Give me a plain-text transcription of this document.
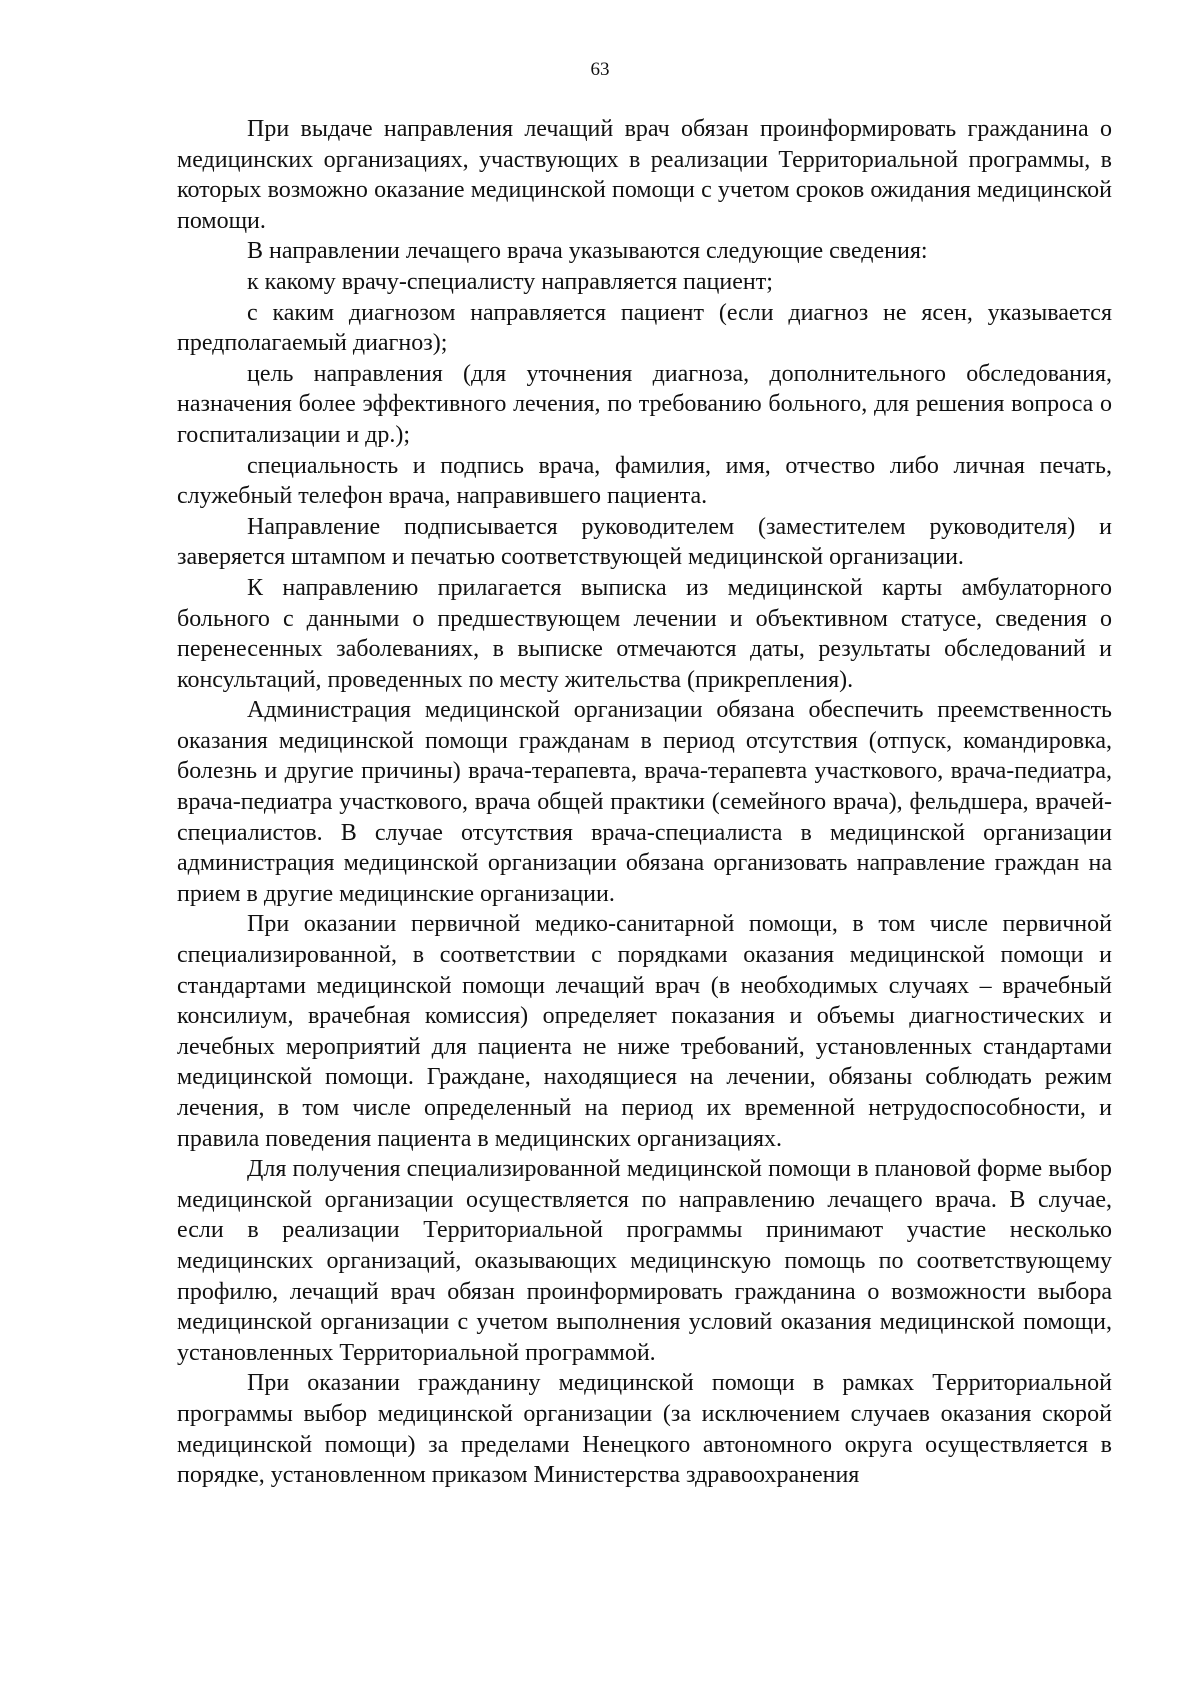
63

При выдаче направления лечащий врач обязан проинформировать гражданина о медицинских организациях, участвующих в реализации Территориальной программы, в которых возможно оказание медицинской помощи с учетом сроков ожидания медицинской помощи.

В направлении лечащего врача указываются следующие сведения:

к какому врачу-специалисту направляется пациент;

с каким диагнозом направляется пациент (если диагноз не ясен, указывается предполагаемый диагноз);

цель направления (для уточнения диагноза, дополнительного обследования, назначения более эффективного лечения, по требованию больного, для решения вопроса о госпитализации и др.);

специальность и подпись врача, фамилия, имя, отчество либо личная печать, служебный телефон врача, направившего пациента.

Направление подписывается руководителем (заместителем руководителя) и заверяется штампом и печатью соответствующей медицинской организации.

К направлению прилагается выписка из медицинской карты амбулаторного больного с данными о предшествующем лечении и объективном статусе, сведения о перенесенных заболеваниях, в выписке отмечаются даты, результаты обследований и консультаций, проведенных по месту жительства (прикрепления).

Администрация медицинской организации обязана обеспечить преемственность оказания медицинской помощи гражданам в период отсутствия (отпуск, командировка, болезнь и другие причины) врача-терапевта, врача-терапевта участкового, врача-педиатра, врача-педиатра участкового, врача общей практики (семейного врача), фельдшера, врачей-специалистов. В случае отсутствия врача-специалиста в медицинской организации администрация медицинской организации обязана организовать направление граждан на прием в другие медицинские организации.

При оказании первичной медико-санитарной помощи, в том числе первичной специализированной, в соответствии с порядками оказания медицинской помощи и стандартами медицинской помощи лечащий врач (в необходимых случаях – врачебный консилиум, врачебная комиссия) определяет показания и объемы диагностических и лечебных мероприятий для пациента не ниже требований, установленных стандартами медицинской помощи. Граждане, находящиеся на лечении, обязаны соблюдать режим лечения, в том числе определенный на период их временной нетрудоспособности, и правила поведения пациента в медицинских организациях.

Для получения специализированной медицинской помощи в плановой форме выбор медицинской организации осуществляется по направлению лечащего врача. В случае, если в реализации Территориальной программы принимают участие несколько медицинских организаций, оказывающих медицинскую помощь по соответствующему профилю, лечащий врач обязан проинформировать гражданина о возможности выбора медицинской организации с учетом выполнения условий оказания медицинской помощи, установленных Территориальной программой.

При оказании гражданину медицинской помощи в рамках Территориальной программы выбор медицинской организации (за исключением случаев оказания скорой медицинской помощи) за пределами Ненецкого автономного округа осуществляется в порядке, установленном приказом Министерства здравоохранения
